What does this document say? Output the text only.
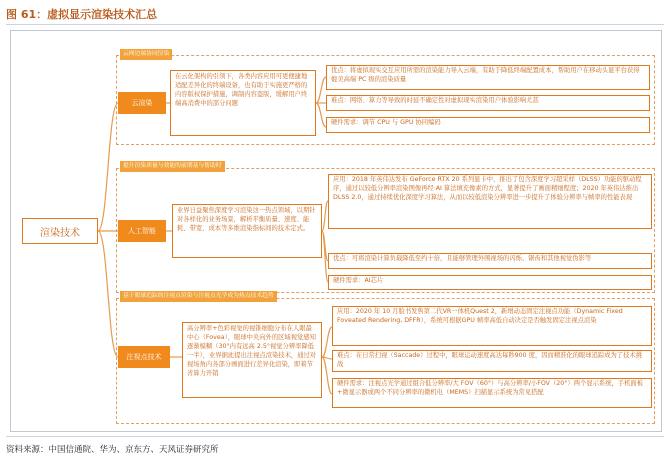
图 61：虚拟显示渲染技术汇总
渲染技术
云网边端协同渲染
云渲染
在云化架构的引领下，各类内容应用可更便捷地适配差异化的终端设备，也有助于实施更严格的内容版权保护措施，调制内容盗版，缓解用户终端高消费中的部分问题
优点：将虚拟现实交互应用所需的渲染能力导入云端，有助于降低终端配置成本，帮助用户在移动头显平台获得媲美高端 PC 级的渲染质量
难点：网络、算力等导致的时延不确定性对虚拟现实渲染用户体验影响尤甚
硬件需求：调节 CPU 与 GPU 协同编码
提升渲染质量与效能的前期基与帮助时
人工智能
业界日益聚焦深度学习渲染这一热点领域，以期针对各样化的业务场景，解析平衡质量、速度、能耗、带宽、成本等多维渲染指标间的技术定式。
应用：2018 年英伟达发布 GeForce RTX 20 系列显卡中，推出了包含深度学习超采样（DLSS）功能的驱动程序，通过以较低分辨率渲染图像再经 AI 算法填充像素的方式，显著提升了画面精细程度；2020 年英伟达推出 DLSS 2.0，通过持续优化深度学习算法，从而以较低渲染分辨率进一步提升了体验分辨率与帧率的性能表现
优点：可将渲染计算负载降低至约十倍，且能够管理外围视场的闪烁、锯齿和其他视觉伪影等
硬件需求：AI芯片
基于眼球追踪的注视点渲染与注视点光学成为热点技术趋势
注视点技术
高分辨率+色彩视觉的视锥细胞分布在人眼最中心（Fovea），眼球中央向外的区域视觉感知逐渐模糊（30°内有远高 2.5°视觉分辨率降低一半），业界据此提出注视点渲染技术，通过对视场角内各部分画面进行差异化渲染，即着节省算力开销
应用：2020 年 10 月脸书发售第二代VR一体机Quest 2，新增动态固定注视点功能（Dynamic Fixed Foveated Rendering, DFFR），系统可根据GPU 帧率高低自动决定是否触发固定注视点渲染
难点：在日常扫视（Saccade）过程中，眼球运动速度高达每秒900 度，因而精准化的眼球追踪成为了技术挑战
硬件需求：注视点光学通过组合低分辨率/大 FOV（60°）与高分辨率/小FOV（20°）两个显示系统，手机面板+微显示器或两个不同分辨率的微机电（MEMS）扫描显示系统为常见搭配
资料来源：中国信通院、华为、京东方、天风证券研究所
